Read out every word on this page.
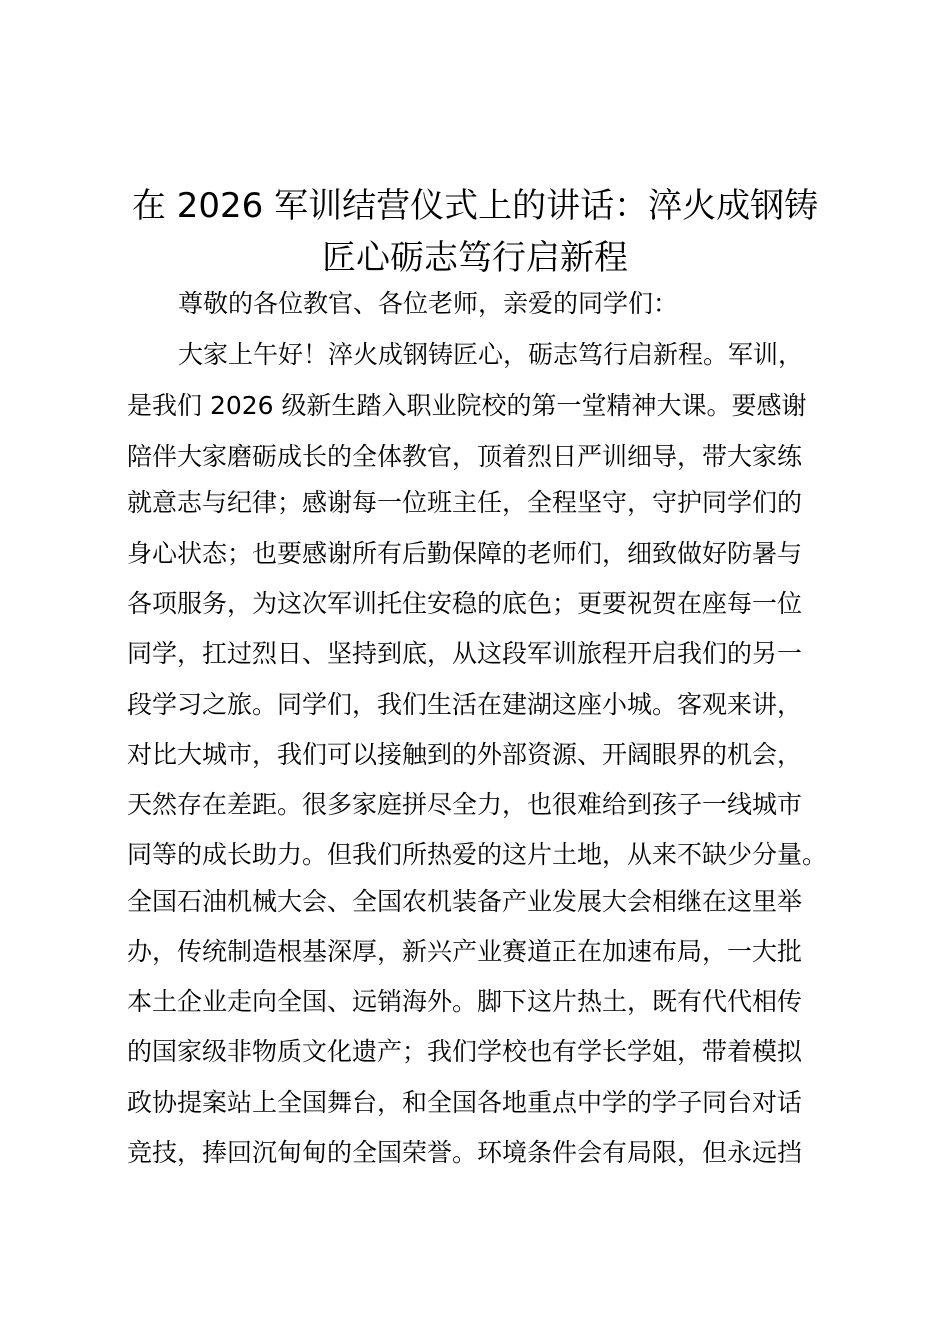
在 2026 军训结营仪式上的讲话：淬火成钢铸
匠心砺志笃行启新程

尊敬的各位教官、各位老师，亲爱的同学们：

大家上午好！淬火成钢铸匠心，砺志笃行启新程。军训，

是我们 2026 级新生踏入职业院校的第一堂精神大课。要感谢

陪伴大家磨砺成长的全体教官，顶着烈日严训细导，带大家练

就意志与纪律；感谢每一位班主任，全程坚守，守护同学们的

身心状态；也要感谢所有后勤保障的老师们，细致做好防暑与

各项服务，为这次军训托住安稳的底色；更要祝贺在座每一位

同学，扛过烈日、坚持到底，从这段军训旅程开启我们的另一

段学习之旅。同学们，我们生活在建湖这座小城。客观来讲，

对比大城市，我们可以接触到的外部资源、开阔眼界的机会，

天然存在差距。很多家庭拼尽全力，也很难给到孩子一线城市

同等的成长助力。但我们所热爱的这片土地，从来不缺少分量。

全国石油机械大会、全国农机装备产业发展大会相继在这里举

办，传统制造根基深厚，新兴产业赛道正在加速布局，一大批

本土企业走向全国、远销海外。脚下这片热土，既有代代相传

的国家级非物质文化遗产；我们学校也有学长学姐，带着模拟

政协提案站上全国舞台，和全国各地重点中学的学子同台对话

竞技，捧回沉甸甸的全国荣誉。环境条件会有局限，但永远挡
